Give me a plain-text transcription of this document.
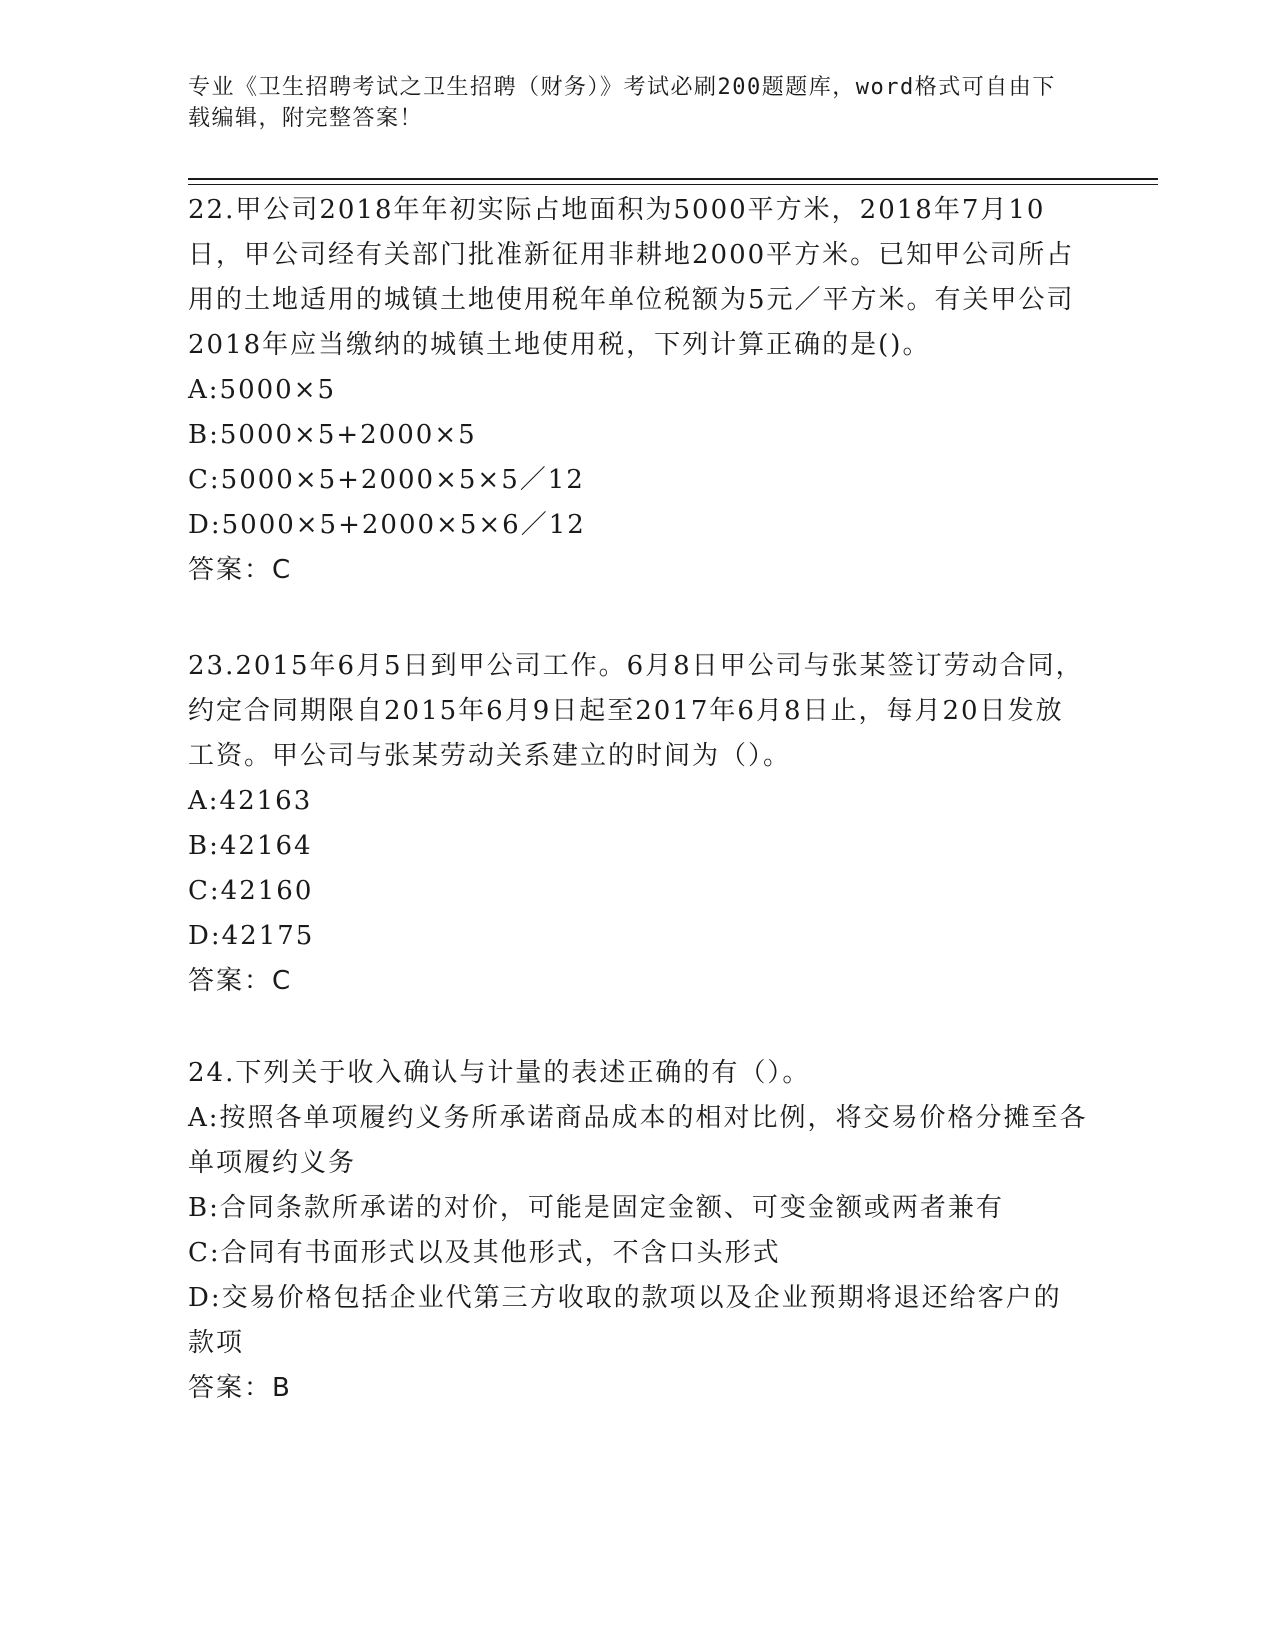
专业《卫生招聘考试之卫生招聘（财务）》考试必刷200题题库，word格式可自由下载编辑，附完整答案！

22.甲公司2018年年初实际占地面积为5000平方米，2018年7月10日，甲公司经有关部门批准新征用非耕地2000平方米。已知甲公司所占用的土地适用的城镇土地使用税年单位税额为5元／平方米。有关甲公司2018年应当缴纳的城镇土地使用税，下列计算正确的是()。

A:5000×5

B:5000×5+2000×5

C:5000×5+2000×5×5／12

D:5000×5+2000×5×6／12

答案：C

23.2015年6月5日到甲公司工作。6月8日甲公司与张某签订劳动合同，约定合同期限自2015年6月9日起至2017年6月8日止，每月20日发放工资。甲公司与张某劳动关系建立的时间为（）。

A:42163

B:42164

C:42160

D:42175

答案：C

24.下列关于收入确认与计量的表述正确的有（）。

A:按照各单项履约义务所承诺商品成本的相对比例，将交易价格分摊至各单项履约义务

B:合同条款所承诺的对价，可能是固定金额、可变金额或两者兼有

C:合同有书面形式以及其他形式，不含口头形式

D:交易价格包括企业代第三方收取的款项以及企业预期将退还给客户的款项

答案：B
